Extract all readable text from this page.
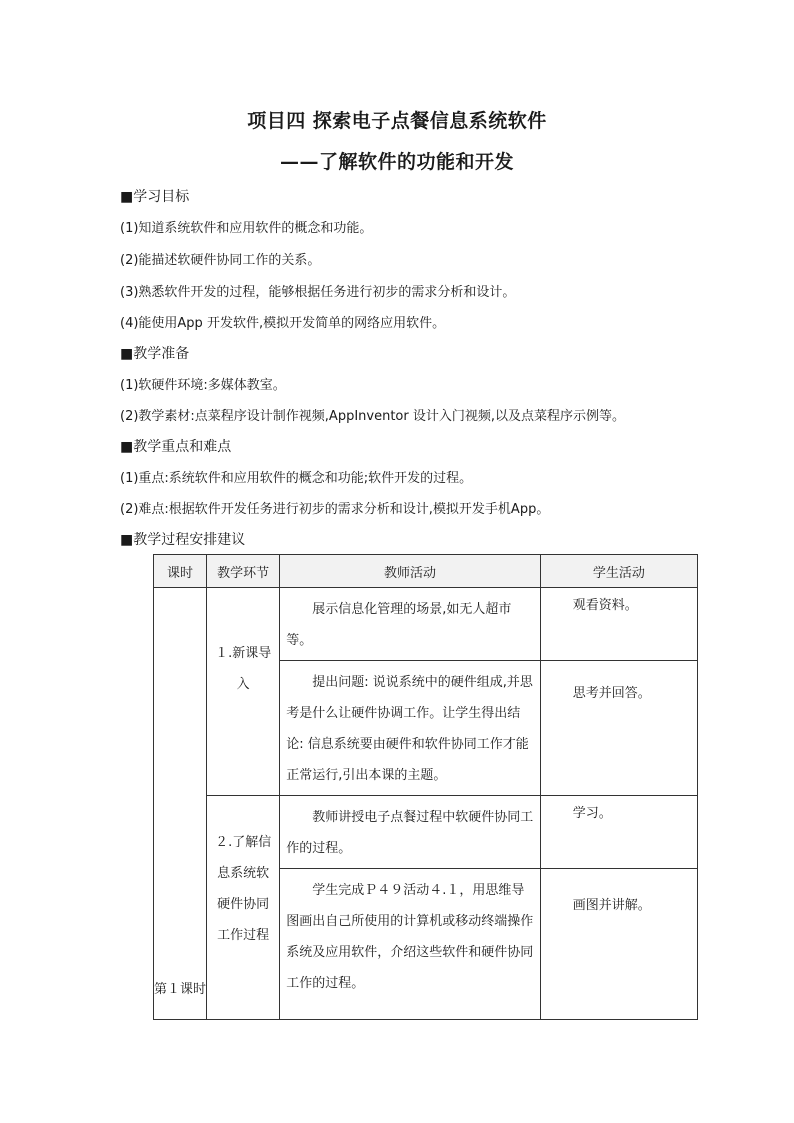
项目四 探索电子点餐信息系统软件
——了解软件的功能和开发
■学习目标
(1)知道系统软件和应用软件的概念和功能。
(2)能描述软硬件协同工作的关系。
(3)熟悉软件开发的过程，能够根据任务进行初步的需求分析和设计。
(4)能使用App 开发软件,模拟开发简单的网络应用软件。
■教学准备
(1)软硬件环境:多媒体教室。
(2)教学素材:点菜程序设计制作视频,AppInventor 设计入门视频,以及点菜程序示例等。
■教学重点和难点
(1)重点:系统软件和应用软件的概念和功能;软件开发的过程。
(2)难点:根据软件开发任务进行初步的需求分析和设计,模拟开发手机App。
■教学过程安排建议
课时	教学环节	教师活动	学生活动

第１课时	１.新课导入	展示信息化管理的场景,如无人超市等。	观看资料。

		提出问题: 说说系统中的硬件组成,并思考是什么让硬件协调工作。让学生得出结论: 信息系统要由硬件和软件协同工作才能正常运行,引出本课的主题。	思考并回答。

	２.了解信息系统软硬件协同工作过程	教师讲授电子点餐过程中软硬件协同工作的过程。	学习。

		学生完成Ｐ４９活动４.１，用思维导图画出自己所使用的计算机或移动终端操作系统及应用软件，介绍这些软件和硬件协同工作的过程。	画图并讲解。
